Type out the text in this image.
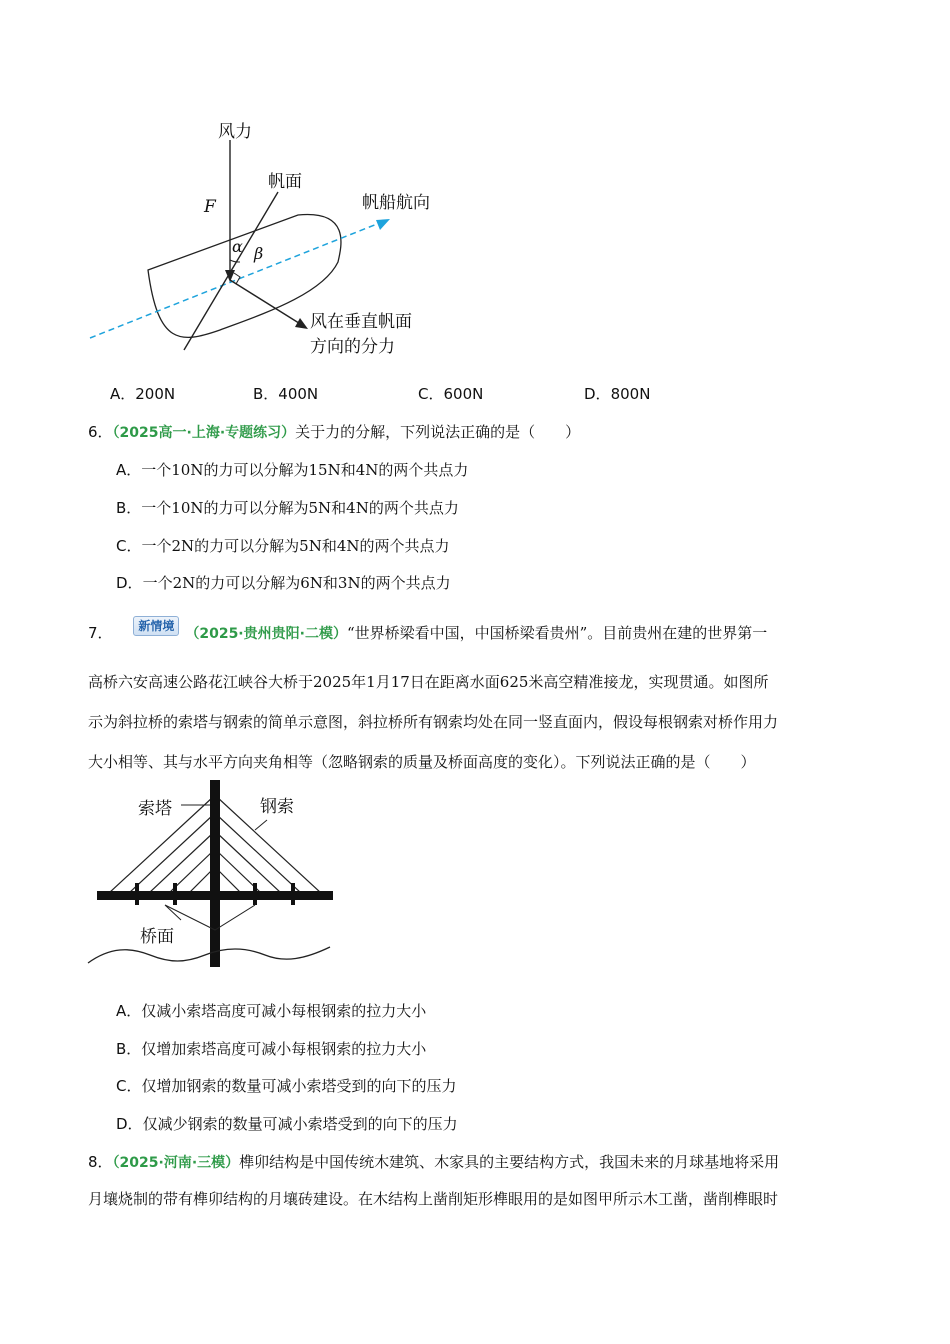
风力
帆面
帆船航向
F
α β
风在垂直帆面
方向的分力
A．200N	B．400N	C．600N	D．800N
6．（2025高一·上海·专题练习）关于力的分解，下列说法正确的是（　　）
A．一个10N的力可以分解为15N和4N的两个共点力
B．一个10N的力可以分解为5N和4N的两个共点力
C．一个2N的力可以分解为5N和4N的两个共点力
D．一个2N的力可以分解为6N和3N的两个共点力
7． 新情境 （2025·贵州贵阳·二模）“世界桥梁看中国，中国桥梁看贵州”。目前贵州在建的世界第一
高桥六安高速公路花江峡谷大桥于2025年1月17日在距离水面625米高空精准接龙，实现贯通。如图所
示为斜拉桥的索塔与钢索的简单示意图，斜拉桥所有钢索均处在同一竖直面内，假设每根钢索对桥作用力
大小相等、其与水平方向夹角相等（忽略钢索的质量及桥面高度的变化）。下列说法正确的是（　　）
索塔	钢索
桥面
A．仅减小索塔高度可减小每根钢索的拉力大小
B．仅增加索塔高度可减小每根钢索的拉力大小
C．仅增加钢索的数量可减小索塔受到的向下的压力
D．仅减少钢索的数量可减小索塔受到的向下的压力
8．（2025·河南·三模）榫卯结构是中国传统木建筑、木家具的主要结构方式，我国未来的月球基地将采用
月壤烧制的带有榫卯结构的月壤砖建设。在木结构上凿削矩形榫眼用的是如图甲所示木工凿，凿削榫眼时
